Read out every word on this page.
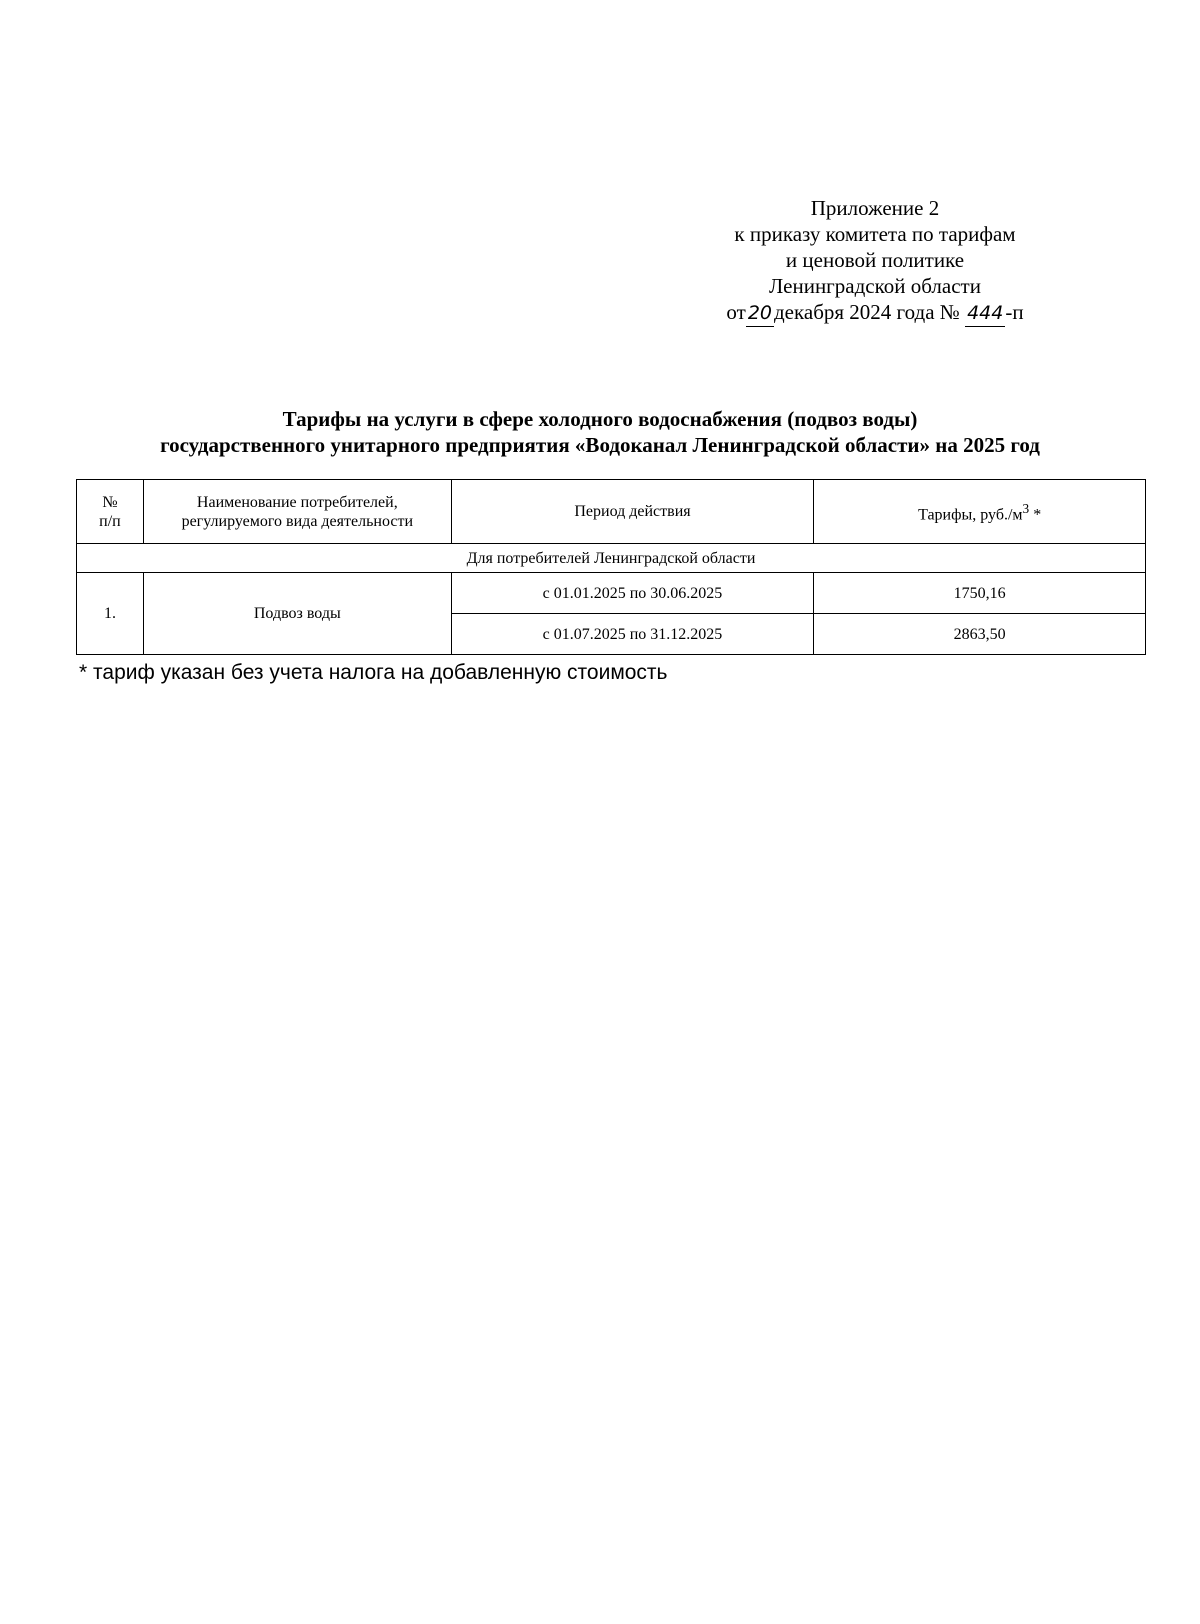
Приложение 2
к приказу комитета по тарифам
и ценовой политике
Ленинградской области
от 20декабря 2024 года № 444-п
Тарифы на услуги в сфере холодного водоснабжения (подвоз воды)
государственного унитарного предприятия «Водоканал Ленинградской области» на 2025 год
№
п/п	Наименование потребителей, регулируемого вида деятельности	Период действия	Тарифы, $руб./м^3$ *
Для потребителей Ленинградской области			
1.	Подвоз воды	с 01.01.2025 по 30.06.2025	1750,16
		с 01.07.2025 по 31.12.2025	2863,50
* тариф указан без учета налога на добавленную стоимость
